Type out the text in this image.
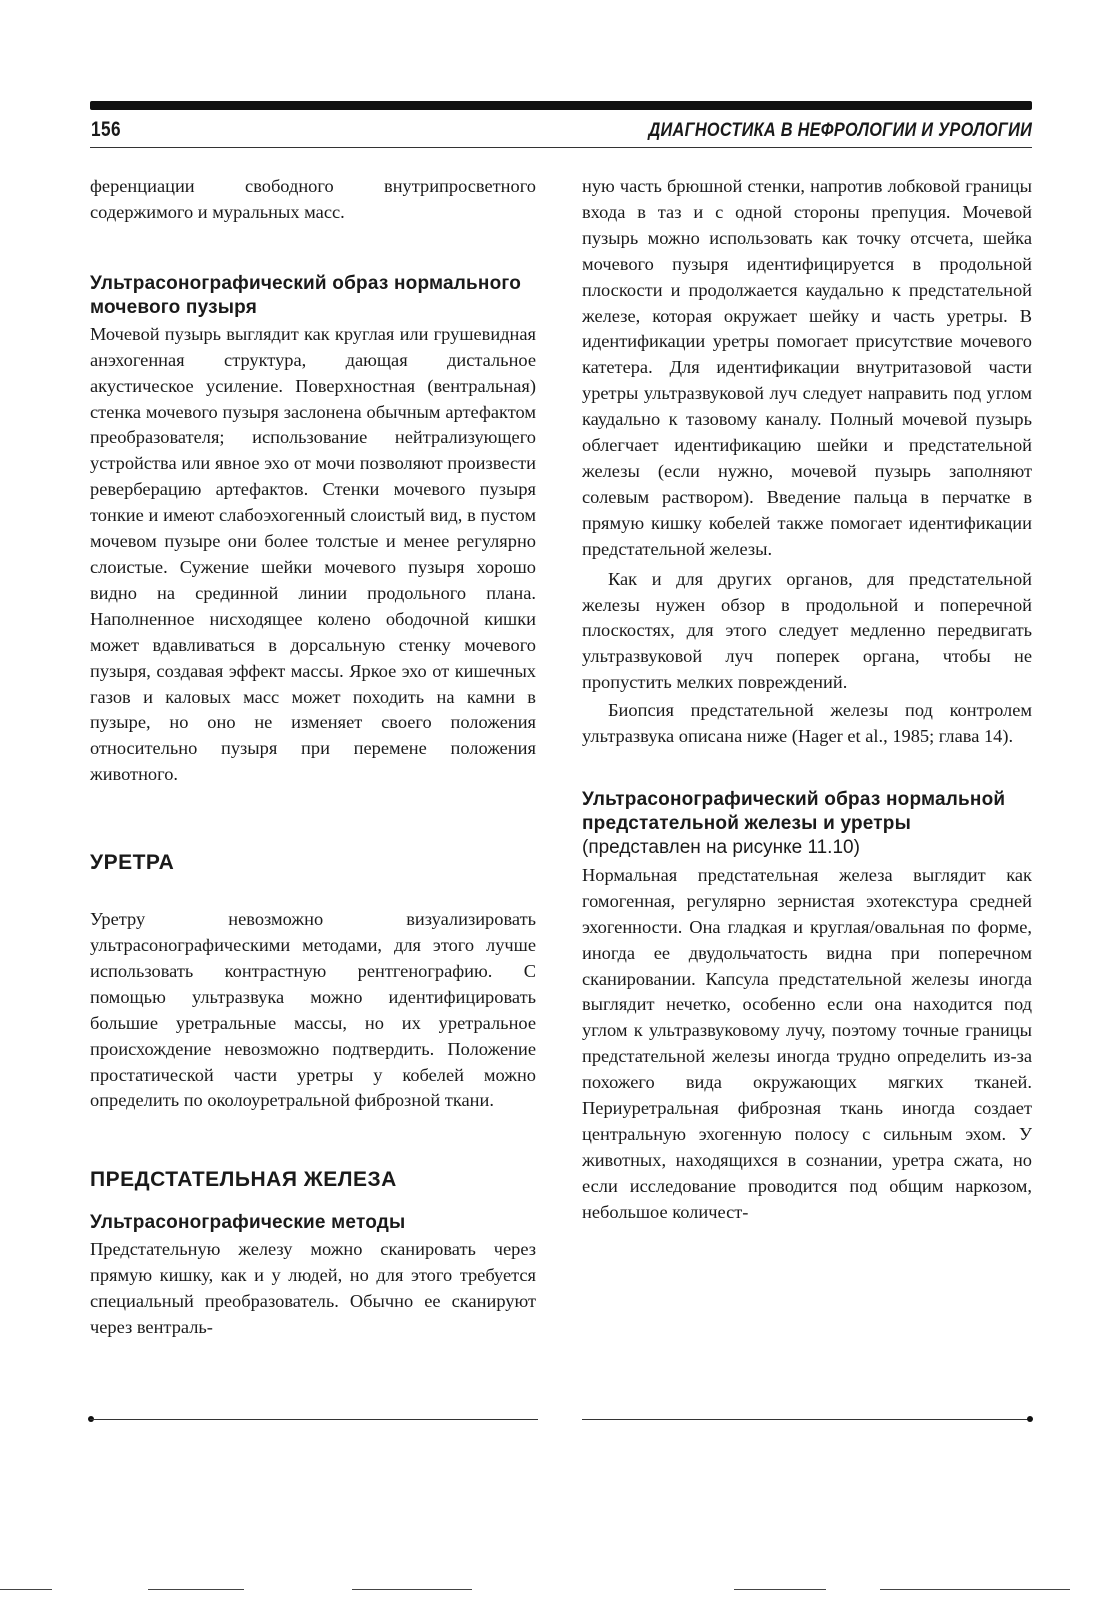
156	ДИАГНОСТИКА В НЕФРОЛОГИИ И УРОЛОГИИ

ференциации свободного внутрипросветного содержимого и муральных масс.

Ультрасонографический образ нормального мочевого пузыря

Мочевой пузырь выглядит как круглая или грушевидная анэхогенная структура, дающая дистальное акустическое усиление. Поверхностная (вентральная) стенка мочевого пузыря заслонена обычным артефактом преобразователя; использование нейтрализующего устройства или явное эхо от мочи позволяют произвести реверберацию артефактов. Стенки мочевого пузыря тонкие и имеют слабоэхогенный слоистый вид, в пустом мочевом пузыре они более толстые и менее регулярно слоистые. Сужение шейки мочевого пузыря хорошо видно на срединной линии продольного плана. Наполненное нисходящее колено ободочной кишки может вдавливаться в дорсальную стенку мочевого пузыря, создавая эффект массы. Яркое эхо от кишечных газов и каловых масс может походить на камни в пузыре, но оно не изменяет своего положения относительно пузыря при перемене положения животного.

УРЕТРА

Уретру невозможно визуализировать ультрасонографическими методами, для этого лучше использовать контрастную рентгенографию. С помощью ультразвука можно идентифицировать большие уретральные массы, но их уретральное происхождение невозможно подтвердить. Положение простатической части уретры у кобелей можно определить по околоуретральной фиброзной ткани.

ПРЕДСТАТЕЛЬНАЯ ЖЕЛЕЗА
Ультрасонографические методы

Предстательную железу можно сканировать через прямую кишку, как и у людей, но для этого требуется специальный преобразователь. Обычно ее сканируют через вентраль-

ную часть брюшной стенки, напротив лобковой границы входа в таз и с одной стороны препуция. Мочевой пузырь можно использовать как точку отсчета, шейка мочевого пузыря идентифицируется в продольной плоскости и продолжается каудально к предстательной железе, которая окружает шейку и часть уретры. В идентификации уретры помогает присутствие мочевого катетера. Для идентификации внутритазовой части уретры ультразвуковой луч следует направить под углом каудально к тазовому каналу. Полный мочевой пузырь облегчает идентификацию шейки и предстательной железы (если нужно, мочевой пузырь заполняют солевым раствором). Введение пальца в перчатке в прямую кишку кобелей также помогает идентификации предстательной железы.

Как и для других органов, для предстательной железы нужен обзор в продольной и поперечной плоскостях, для этого следует медленно передвигать ультразвуковой луч поперек органа, чтобы не пропустить мелких повреждений.

Биопсия предстательной железы под контролем ультразвука описана ниже (Hager et al., 1985; глава 14).

Ультрасонографический образ нормальной предстательной железы и уретры
(представлен на рисунке 11.10)

Нормальная предстательная железа выглядит как гомогенная, регулярно зернистая эхотекстура средней эхогенности. Она гладкая и круглая/овальная по форме, иногда ее двудольчатость видна при поперечном сканировании. Капсула предстательной железы иногда выглядит нечетко, особенно если она находится под углом к ультразвуковому лучу, поэтому точные границы предстательной железы иногда трудно определить из-за похожего вида окружающих мягких тканей. Периуретральная фиброзная ткань иногда создает центральную эхогенную полосу с сильным эхом. У животных, находящихся в сознании, уретра сжата, но если исследование проводится под общим наркозом, небольшое количест-
